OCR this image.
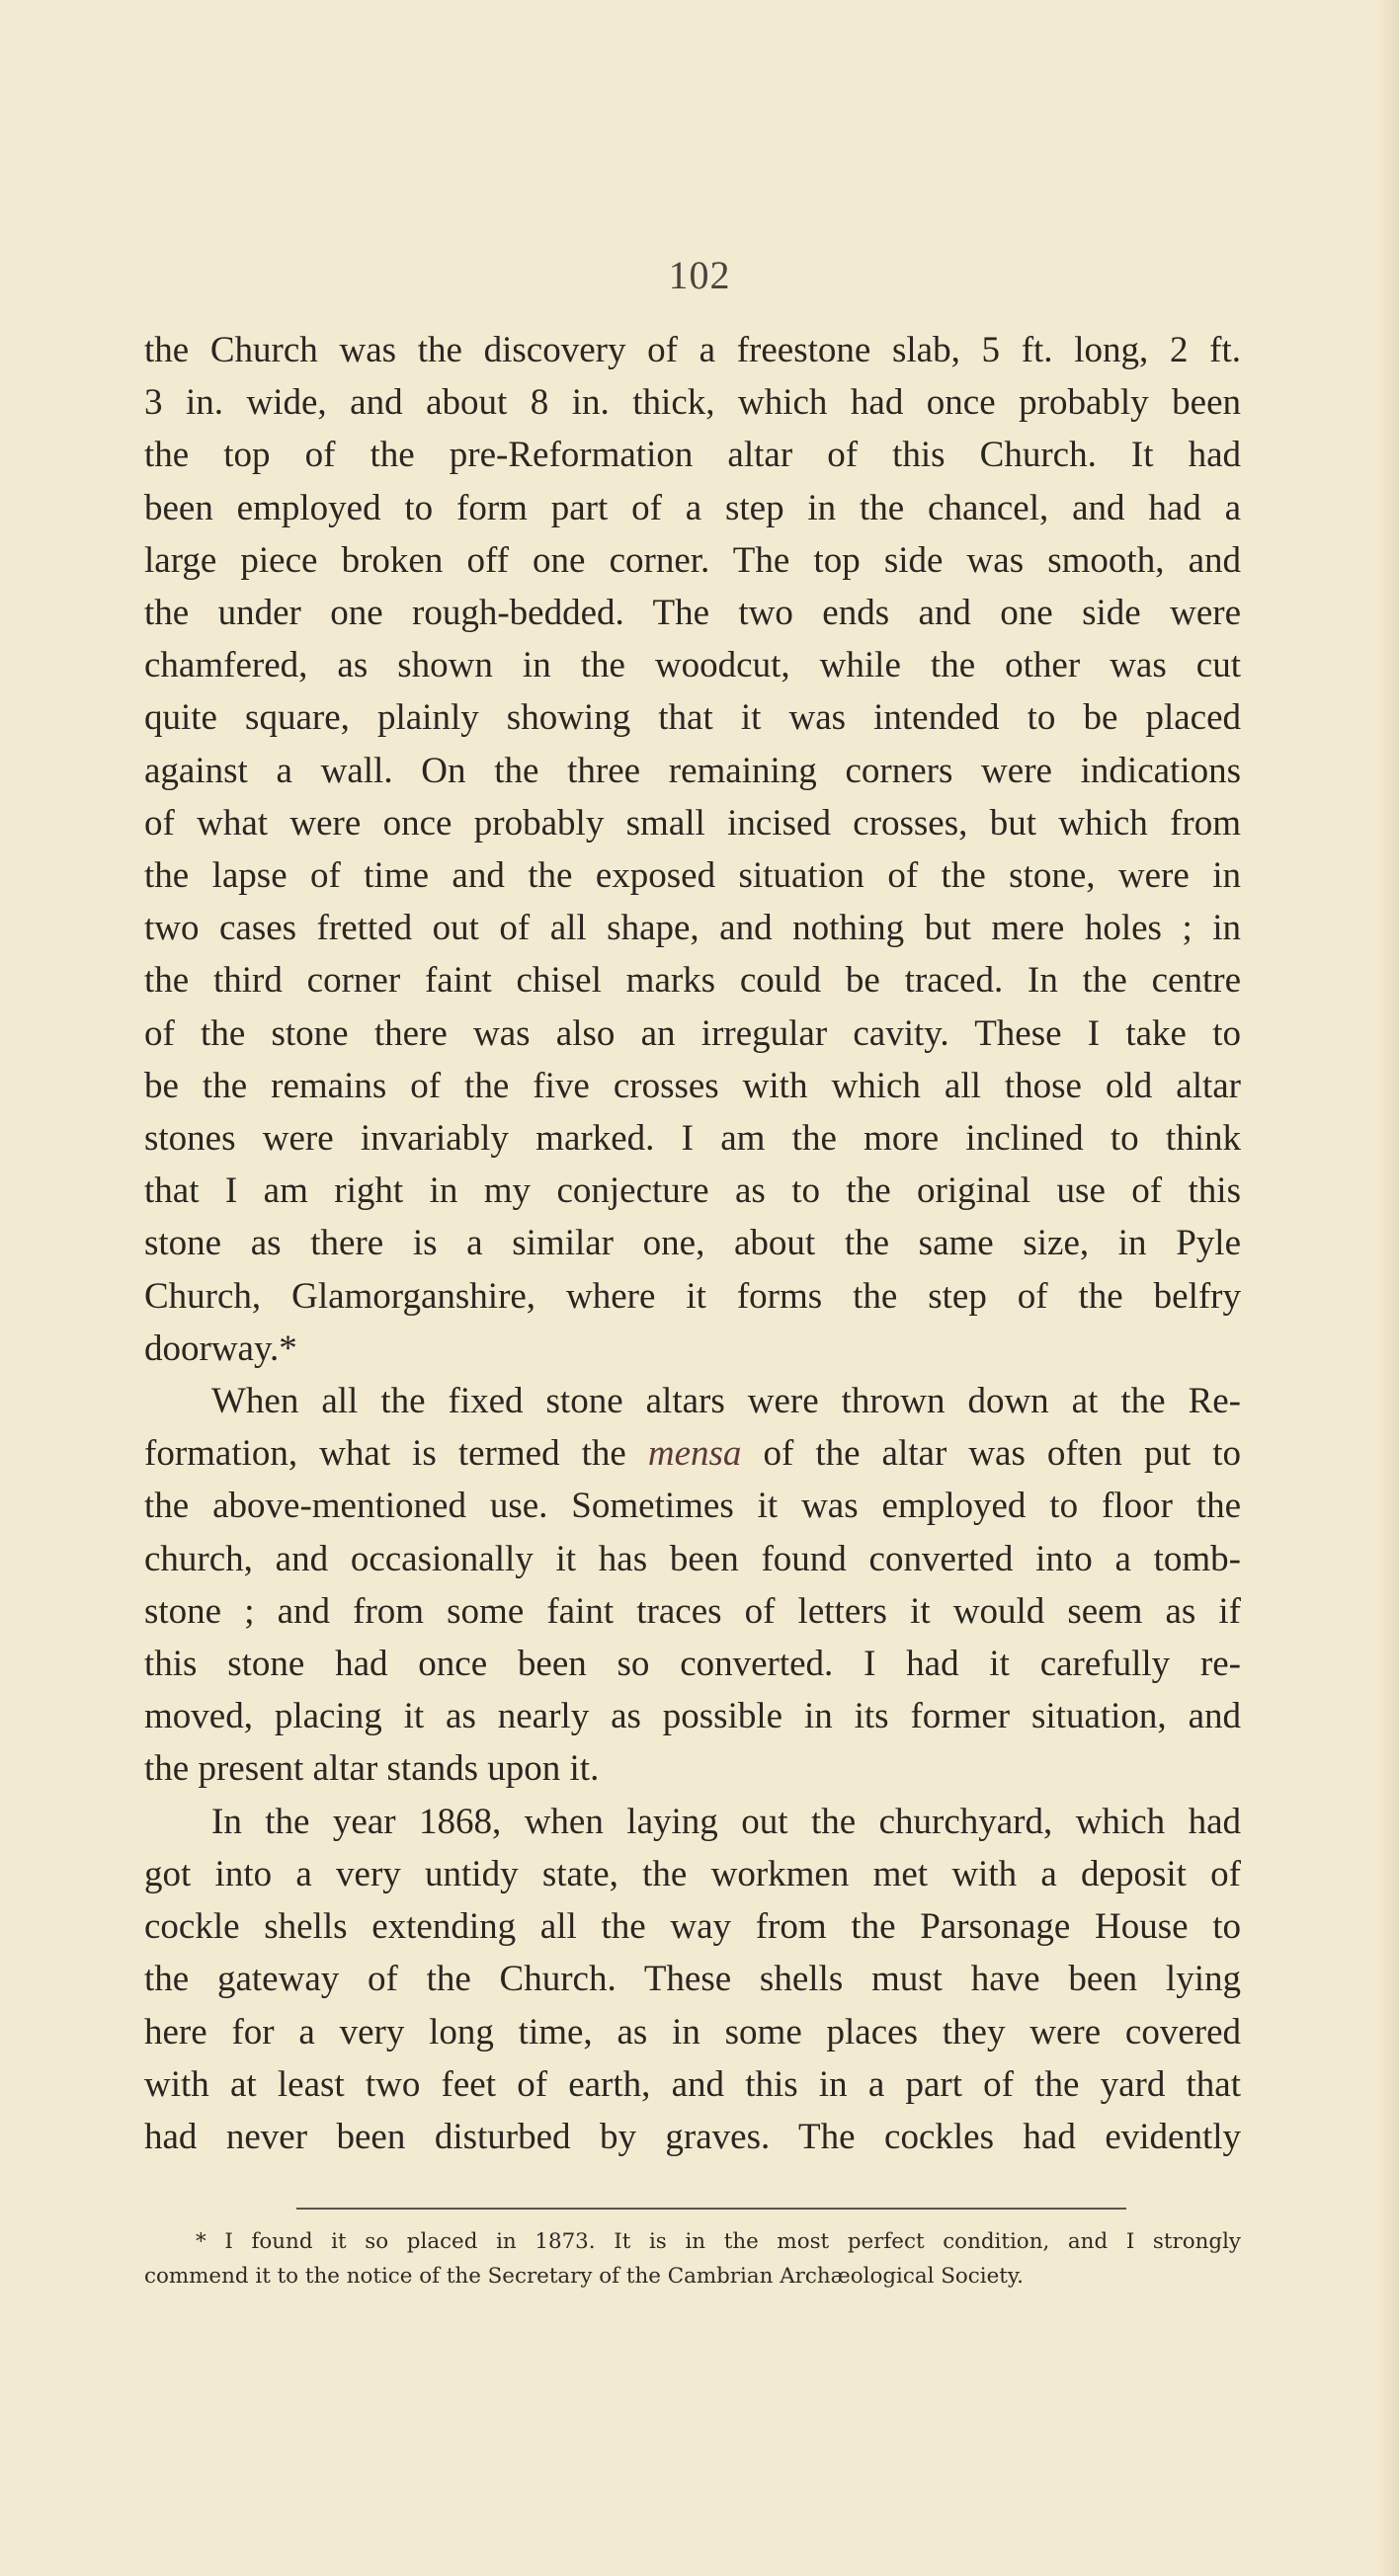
102
the Church was the discovery of a freestone slab, 5 ft. long, 2 ft.
3 in. wide, and about 8 in. thick, which had once probably been
the top of the pre-Reformation altar of this Church. It had
been employed to form part of a step in the chancel, and had a
large piece broken off one corner. The top side was smooth, and
the under one rough-bedded. The two ends and one side were
chamfered, as shown in the woodcut, while the other was cut
quite square, plainly showing that it was intended to be placed
against a wall. On the three remaining corners were indications
of what were once probably small incised crosses, but which from
the lapse of time and the exposed situation of the stone, were in
two cases fretted out of all shape, and nothing but mere holes ; in
the third corner faint chisel marks could be traced. In the centre
of the stone there was also an irregular cavity. These I take to
be the remains of the five crosses with which all those old altar
stones were invariably marked. I am the more inclined to think
that I am right in my conjecture as to the original use of this
stone as there is a similar one, about the same size, in Pyle
Church, Glamorganshire, where it forms the step of the belfry
doorway.*
When all the fixed stone altars were thrown down at the Re-
formation, what is termed the mensa of the altar was often put to
the above-mentioned use. Sometimes it was employed to floor the
church, and occasionally it has been found converted into a tomb-
stone ; and from some faint traces of letters it would seem as if
this stone had once been so converted. I had it carefully re-
moved, placing it as nearly as possible in its former situation, and
the present altar stands upon it.
In the year 1868, when laying out the churchyard, which had
got into a very untidy state, the workmen met with a deposit of
cockle shells extending all the way from the Parsonage House to
the gateway of the Church. These shells must have been lying
here for a very long time, as in some places they were covered
with at least two feet of earth, and this in a part of the yard that
had never been disturbed by graves. The cockles had evidently
* I found it so placed in 1873. It is in the most perfect condition, and I strongly
commend it to the notice of the Secretary of the Cambrian Archæological Society.
